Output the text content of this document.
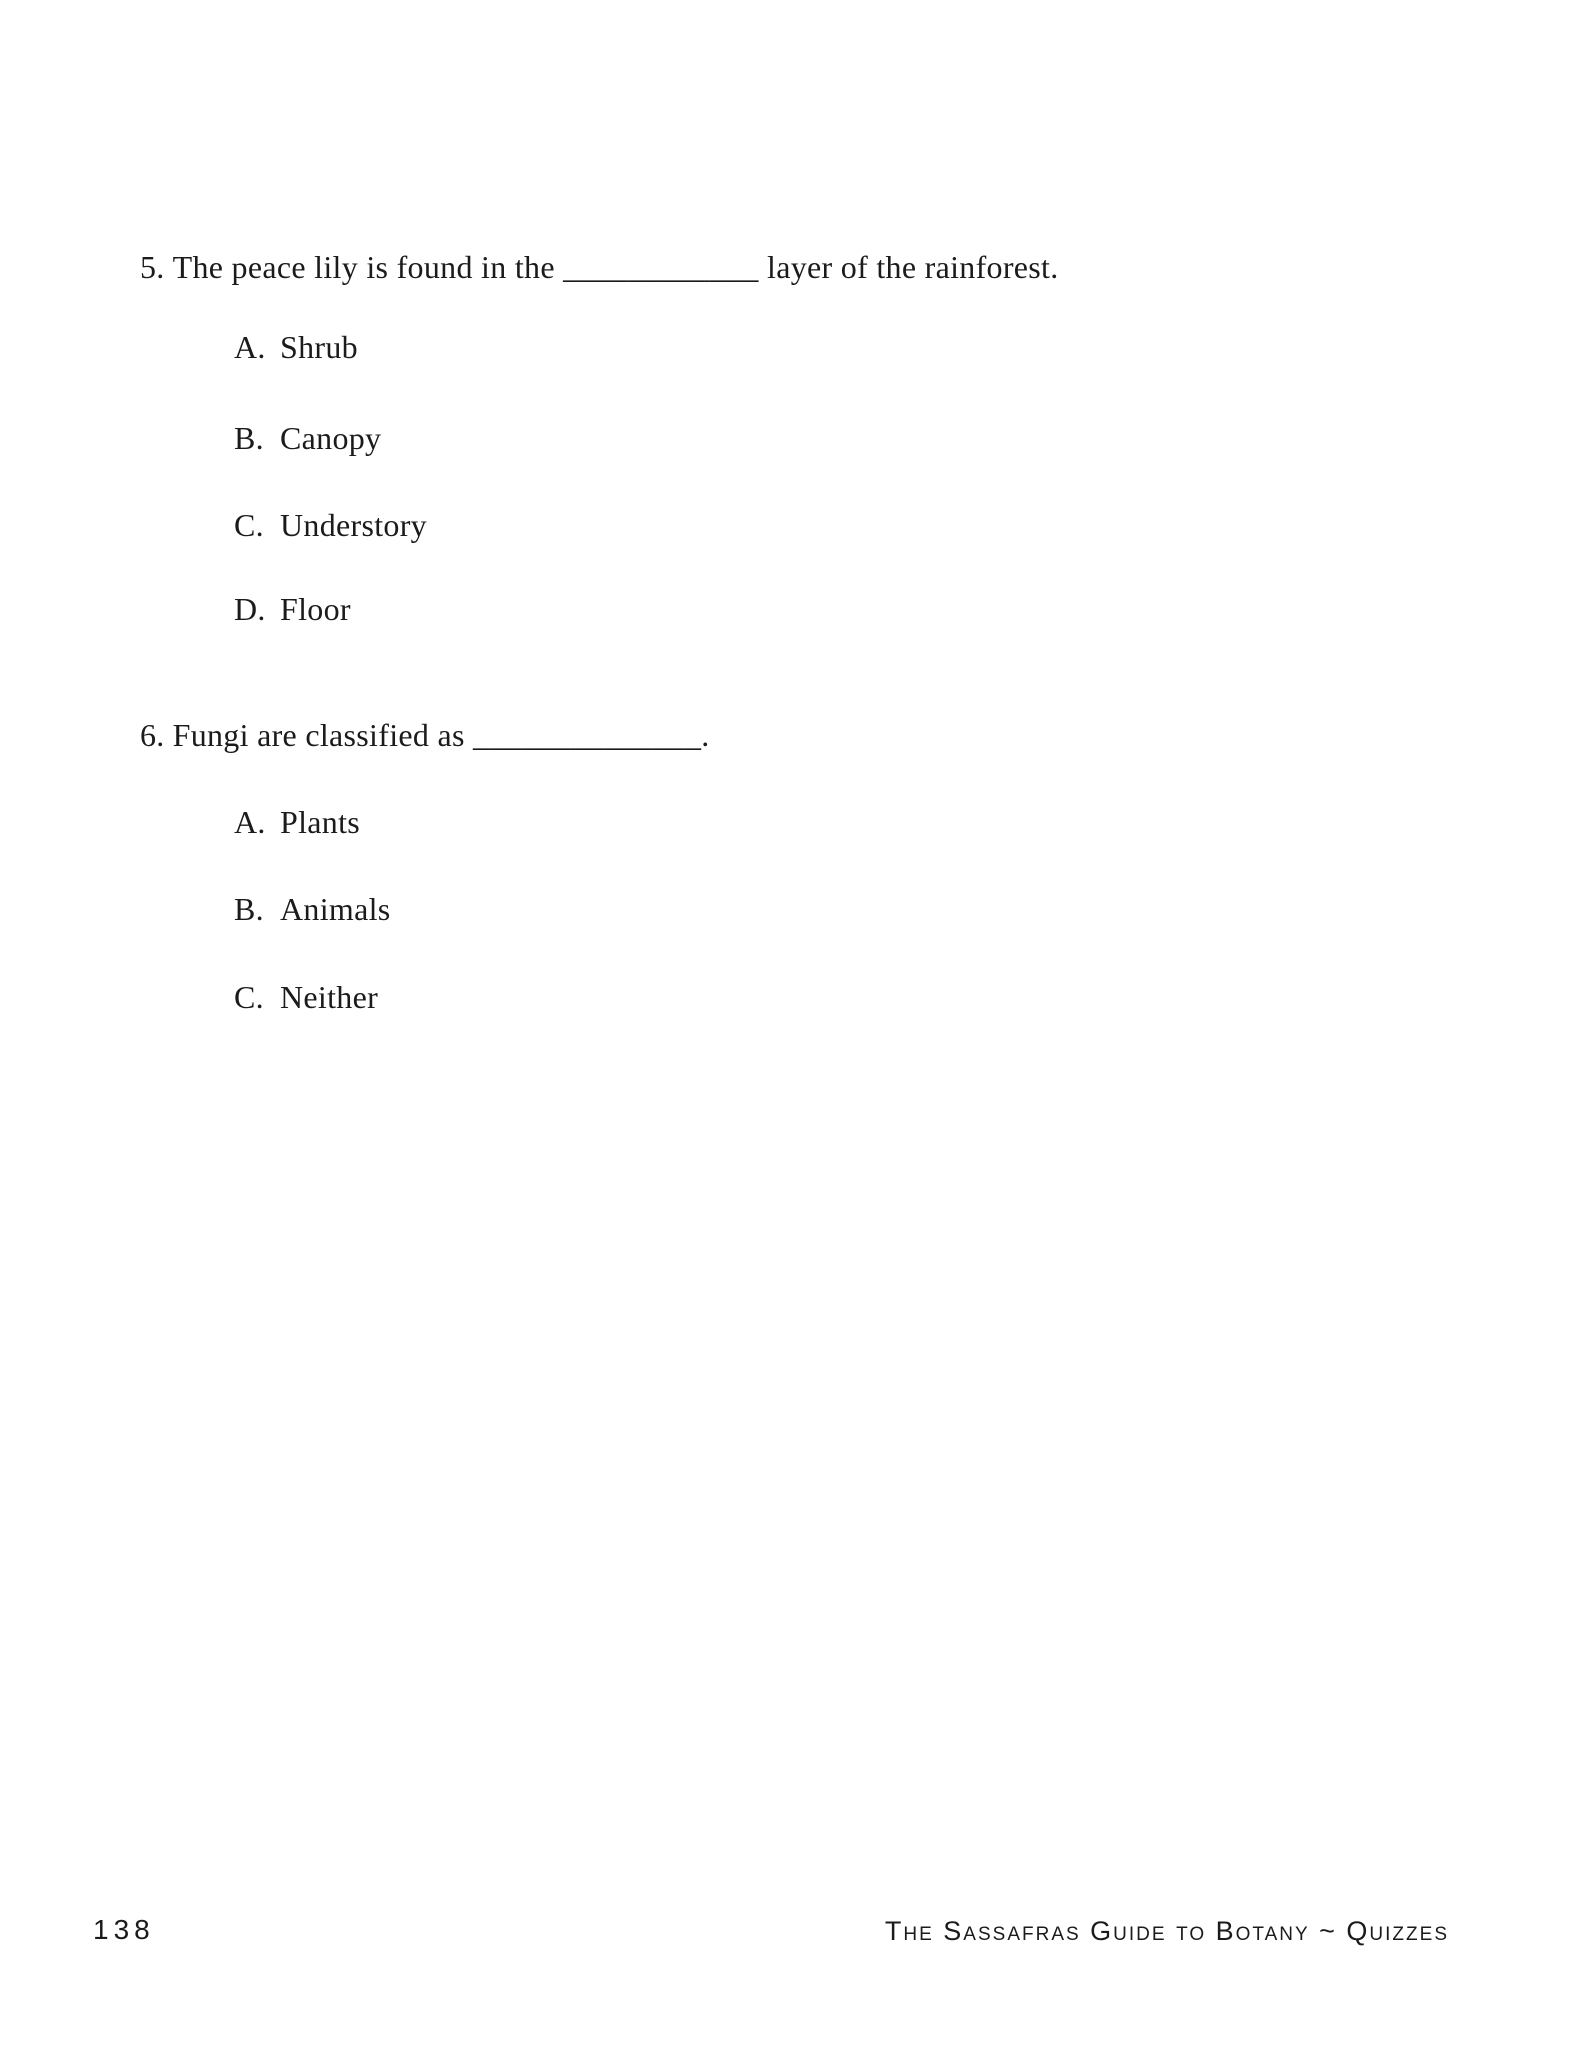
5. The peace lily is found in the ____________ layer of the rainforest.
A. Shrub
B. Canopy
C. Understory
D. Floor
6. Fungi are classified as ______________.
A. Plants
B. Animals
C. Neither
138	The Sassafras Guide to Botany ~ Quizzes
